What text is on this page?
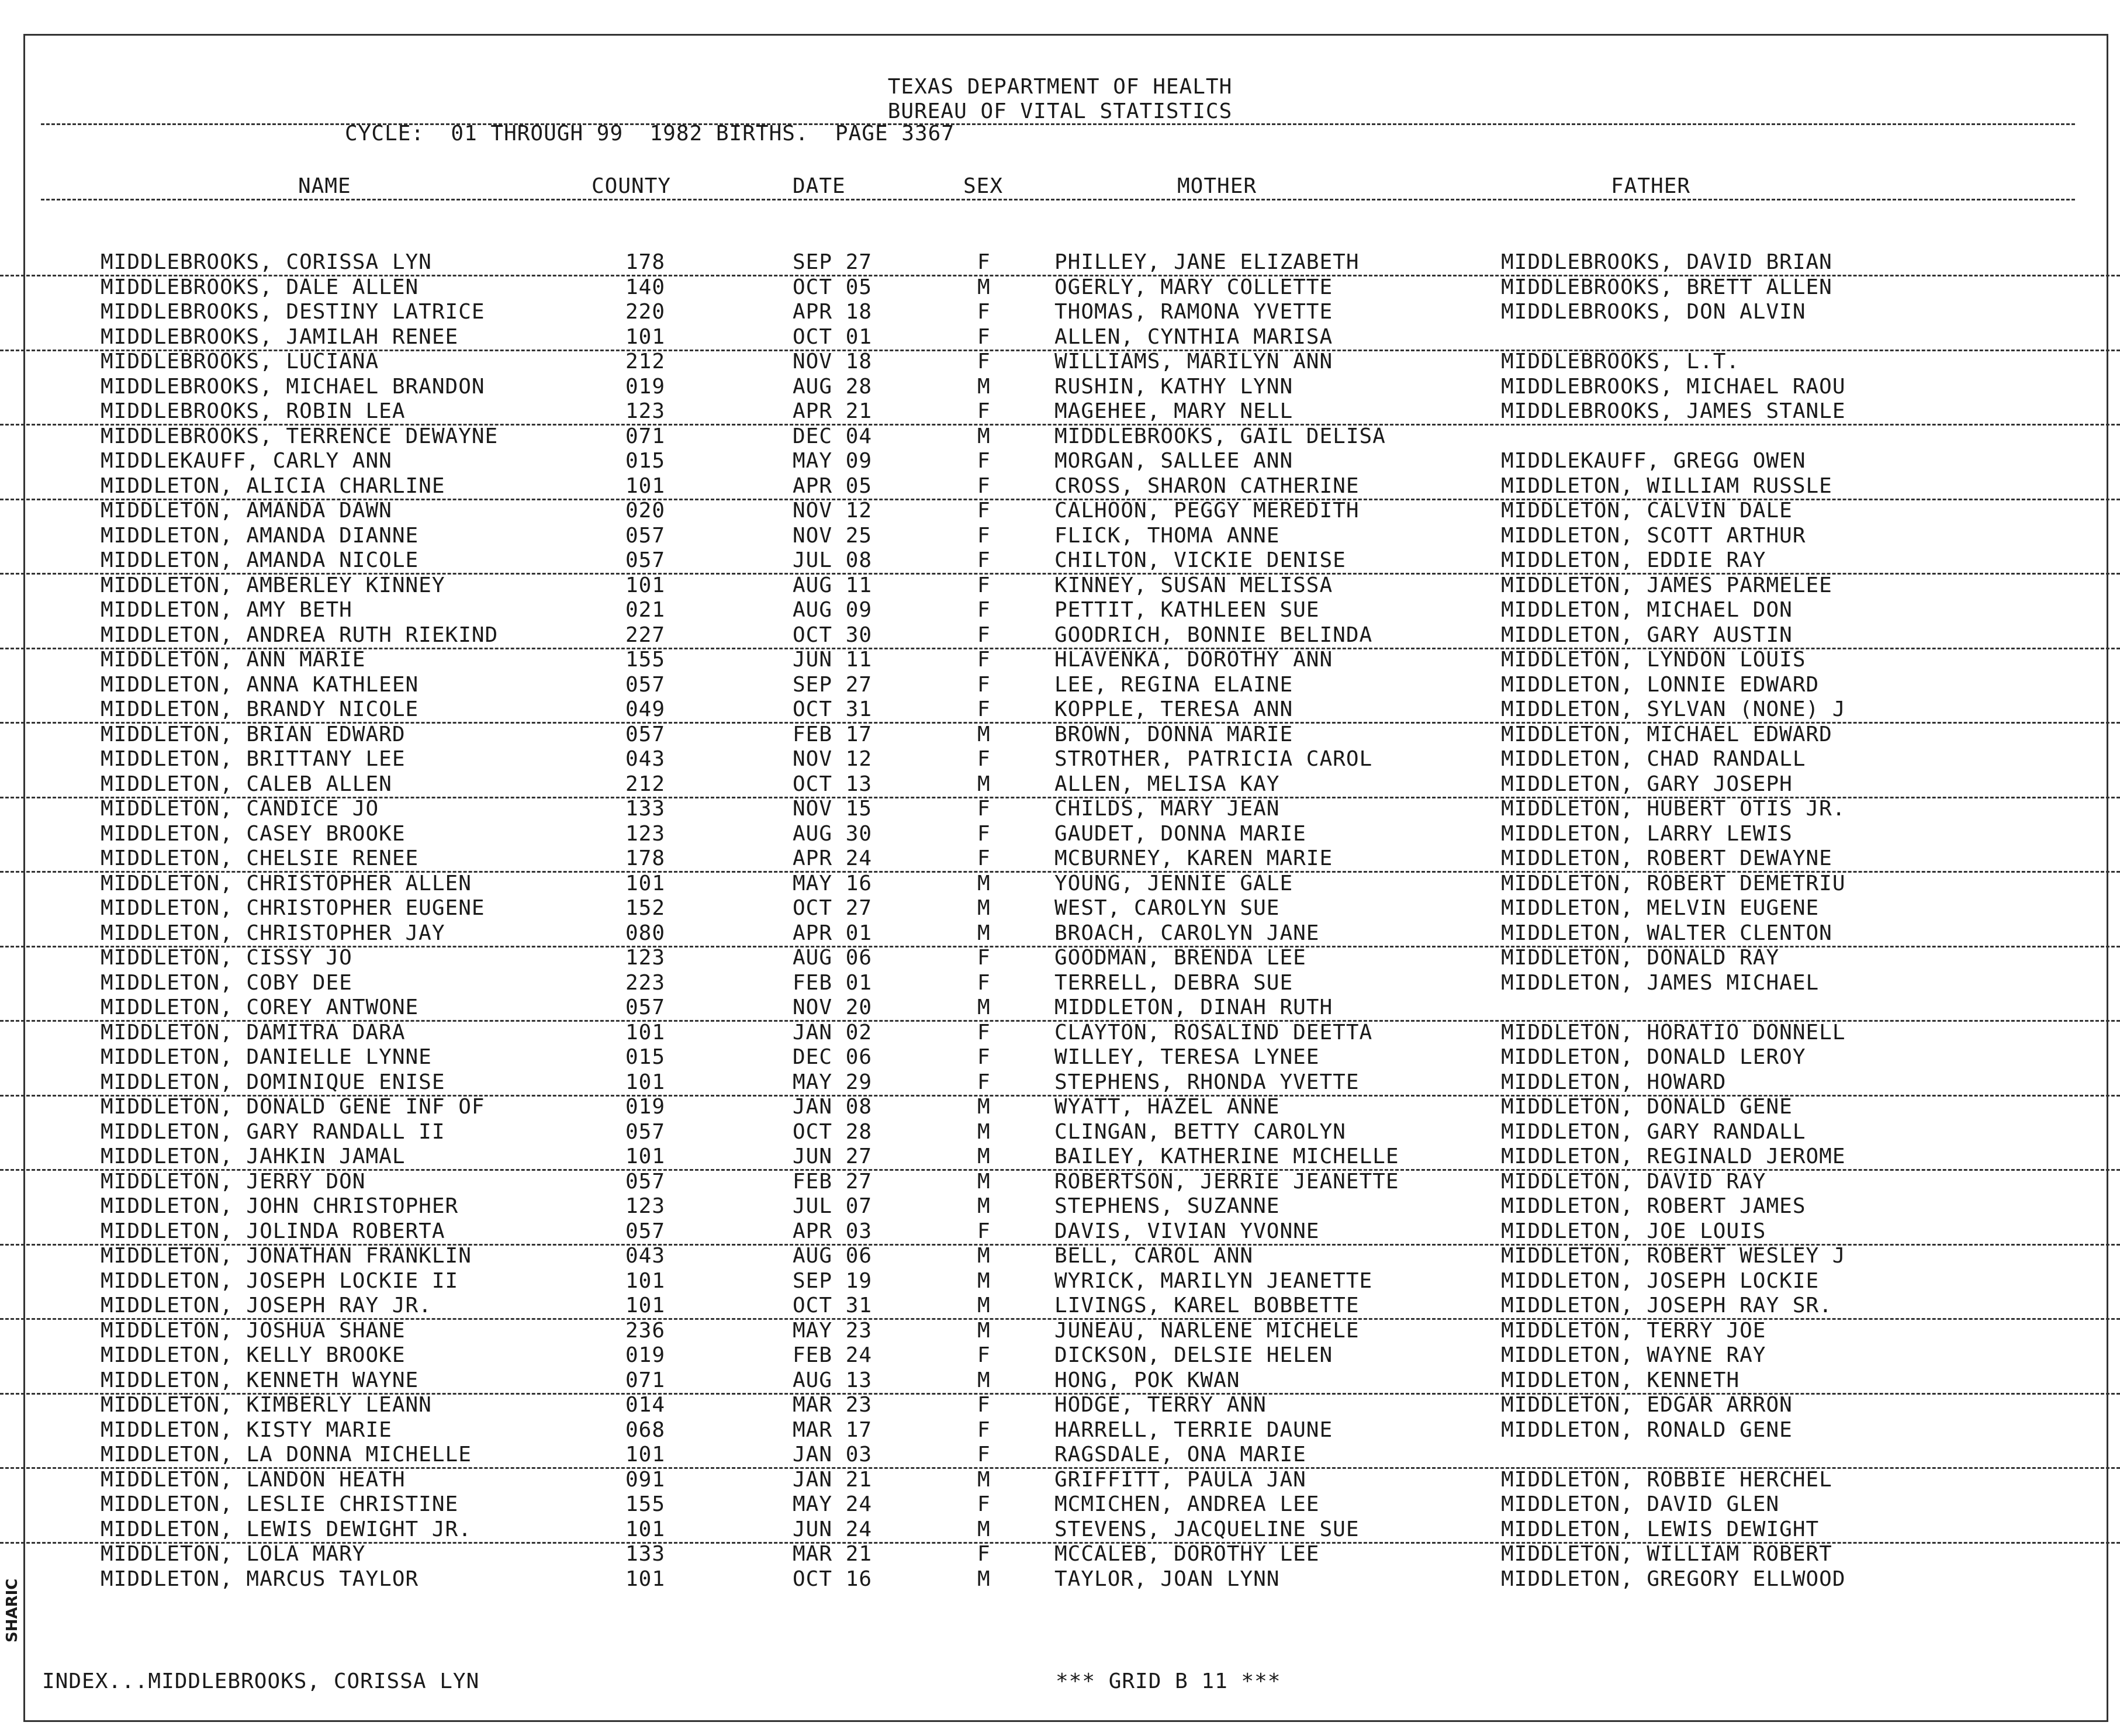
TEXAS DEPARTMENT OF HEALTH
BUREAU OF VITAL STATISTICS
CYCLE:  01 THROUGH 99  1982 BIRTHS.  PAGE 3367
NAME	COUNTY	DATE	SEX	MOTHER	FATHER
MIDDLEBROOKS, CORISSA LYN	178	SEP 27	F	PHILLEY, JANE ELIZABETH	MIDDLEBROOKS, DAVID BRIAN
MIDDLEBROOKS, DALE ALLEN	140	OCT 05	M	OGERLY, MARY COLLETTE	MIDDLEBROOKS, BRETT ALLEN
MIDDLEBROOKS, DESTINY LATRICE	220	APR 18	F	THOMAS, RAMONA YVETTE	MIDDLEBROOKS, DON ALVIN
MIDDLEBROOKS, JAMILAH RENEE	101	OCT 01	F	ALLEN, CYNTHIA MARISA
MIDDLEBROOKS, LUCIANA	212	NOV 18	F	WILLIAMS, MARILYN ANN	MIDDLEBROOKS, L.T.
MIDDLEBROOKS, MICHAEL BRANDON	019	AUG 28	M	RUSHIN, KATHY LYNN	MIDDLEBROOKS, MICHAEL RAOU
MIDDLEBROOKS, ROBIN LEA	123	APR 21	F	MAGEHEE, MARY NELL	MIDDLEBROOKS, JAMES STANLE
MIDDLEBROOKS, TERRENCE DEWAYNE	071	DEC 04	M	MIDDLEBROOKS, GAIL DELISA
MIDDLEKAUFF, CARLY ANN	015	MAY 09	F	MORGAN, SALLEE ANN	MIDDLEKAUFF, GREGG OWEN
MIDDLETON, ALICIA CHARLINE	101	APR 05	F	CROSS, SHARON CATHERINE	MIDDLETON, WILLIAM RUSSLE
MIDDLETON, AMANDA DAWN	020	NOV 12	F	CALHOON, PEGGY MEREDITH	MIDDLETON, CALVIN DALE
MIDDLETON, AMANDA DIANNE	057	NOV 25	F	FLICK, THOMA ANNE	MIDDLETON, SCOTT ARTHUR
MIDDLETON, AMANDA NICOLE	057	JUL 08	F	CHILTON, VICKIE DENISE	MIDDLETON, EDDIE RAY
MIDDLETON, AMBERLEY KINNEY	101	AUG 11	F	KINNEY, SUSAN MELISSA	MIDDLETON, JAMES PARMELEE
MIDDLETON, AMY BETH	021	AUG 09	F	PETTIT, KATHLEEN SUE	MIDDLETON, MICHAEL DON
MIDDLETON, ANDREA RUTH RIEKIND	227	OCT 30	F	GOODRICH, BONNIE BELINDA	MIDDLETON, GARY AUSTIN
MIDDLETON, ANN MARIE	155	JUN 11	F	HLAVENKA, DOROTHY ANN	MIDDLETON, LYNDON LOUIS
MIDDLETON, ANNA KATHLEEN	057	SEP 27	F	LEE, REGINA ELAINE	MIDDLETON, LONNIE EDWARD
MIDDLETON, BRANDY NICOLE	049	OCT 31	F	KOPPLE, TERESA ANN	MIDDLETON, SYLVAN (NONE) J
MIDDLETON, BRIAN EDWARD	057	FEB 17	M	BROWN, DONNA MARIE	MIDDLETON, MICHAEL EDWARD
MIDDLETON, BRITTANY LEE	043	NOV 12	F	STROTHER, PATRICIA CAROL	MIDDLETON, CHAD RANDALL
MIDDLETON, CALEB ALLEN	212	OCT 13	M	ALLEN, MELISA KAY	MIDDLETON, GARY JOSEPH
MIDDLETON, CANDICE JO	133	NOV 15	F	CHILDS, MARY JEAN	MIDDLETON, HUBERT OTIS JR.
MIDDLETON, CASEY BROOKE	123	AUG 30	F	GAUDET, DONNA MARIE	MIDDLETON, LARRY LEWIS
MIDDLETON, CHELSIE RENEE	178	APR 24	F	MCBURNEY, KAREN MARIE	MIDDLETON, ROBERT DEWAYNE
MIDDLETON, CHRISTOPHER ALLEN	101	MAY 16	M	YOUNG, JENNIE GALE	MIDDLETON, ROBERT DEMETRIU
MIDDLETON, CHRISTOPHER EUGENE	152	OCT 27	M	WEST, CAROLYN SUE	MIDDLETON, MELVIN EUGENE
MIDDLETON, CHRISTOPHER JAY	080	APR 01	M	BROACH, CAROLYN JANE	MIDDLETON, WALTER CLENTON
MIDDLETON, CISSY JO	123	AUG 06	F	GOODMAN, BRENDA LEE	MIDDLETON, DONALD RAY
MIDDLETON, COBY DEE	223	FEB 01	F	TERRELL, DEBRA SUE	MIDDLETON, JAMES MICHAEL
MIDDLETON, COREY ANTWONE	057	NOV 20	M	MIDDLETON, DINAH RUTH
MIDDLETON, DAMITRA DARA	101	JAN 02	F	CLAYTON, ROSALIND DEETTA	MIDDLETON, HORATIO DONNELL
MIDDLETON, DANIELLE LYNNE	015	DEC 06	F	WILLEY, TERESA LYNEE	MIDDLETON, DONALD LEROY
MIDDLETON, DOMINIQUE ENISE	101	MAY 29	F	STEPHENS, RHONDA YVETTE	MIDDLETON, HOWARD
MIDDLETON, DONALD GENE INF OF	019	JAN 08	M	WYATT, HAZEL ANNE	MIDDLETON, DONALD GENE
MIDDLETON, GARY RANDALL II	057	OCT 28	M	CLINGAN, BETTY CAROLYN	MIDDLETON, GARY RANDALL
MIDDLETON, JAHKIN JAMAL	101	JUN 27	M	BAILEY, KATHERINE MICHELLE	MIDDLETON, REGINALD JEROME
MIDDLETON, JERRY DON	057	FEB 27	M	ROBERTSON, JERRIE JEANETTE	MIDDLETON, DAVID RAY
MIDDLETON, JOHN CHRISTOPHER	123	JUL 07	M	STEPHENS, SUZANNE	MIDDLETON, ROBERT JAMES
MIDDLETON, JOLINDA ROBERTA	057	APR 03	F	DAVIS, VIVIAN YVONNE	MIDDLETON, JOE LOUIS
MIDDLETON, JONATHAN FRANKLIN	043	AUG 06	M	BELL, CAROL ANN	MIDDLETON, ROBERT WESLEY J
MIDDLETON, JOSEPH LOCKIE II	101	SEP 19	M	WYRICK, MARILYN JEANETTE	MIDDLETON, JOSEPH LOCKIE
MIDDLETON, JOSEPH RAY JR.	101	OCT 31	M	LIVINGS, KAREL BOBBETTE	MIDDLETON, JOSEPH RAY SR.
MIDDLETON, JOSHUA SHANE	236	MAY 23	M	JUNEAU, NARLENE MICHELE	MIDDLETON, TERRY JOE
MIDDLETON, KELLY BROOKE	019	FEB 24	F	DICKSON, DELSIE HELEN	MIDDLETON, WAYNE RAY
MIDDLETON, KENNETH WAYNE	071	AUG 13	M	HONG, POK KWAN	MIDDLETON, KENNETH
MIDDLETON, KIMBERLY LEANN	014	MAR 23	F	HODGE, TERRY ANN	MIDDLETON, EDGAR ARRON
MIDDLETON, KISTY MARIE	068	MAR 17	F	HARRELL, TERRIE DAUNE	MIDDLETON, RONALD GENE
MIDDLETON, LA DONNA MICHELLE	101	JAN 03	F	RAGSDALE, ONA MARIE
MIDDLETON, LANDON HEATH	091	JAN 21	M	GRIFFITT, PAULA JAN	MIDDLETON, ROBBIE HERCHEL
MIDDLETON, LESLIE CHRISTINE	155	MAY 24	F	MCMICHEN, ANDREA LEE	MIDDLETON, DAVID GLEN
MIDDLETON, LEWIS DEWIGHT JR.	101	JUN 24	M	STEVENS, JACQUELINE SUE	MIDDLETON, LEWIS DEWIGHT
MIDDLETON, LOLA MARY	133	MAR 21	F	MCCALEB, DOROTHY LEE	MIDDLETON, WILLIAM ROBERT
MIDDLETON, MARCUS TAYLOR	101	OCT 16	M	TAYLOR, JOAN LYNN	MIDDLETON, GREGORY ELLWOOD
INDEX...MIDDLEBROOKS, CORISSA LYN	*** GRID B 11 ***
SHARIC
